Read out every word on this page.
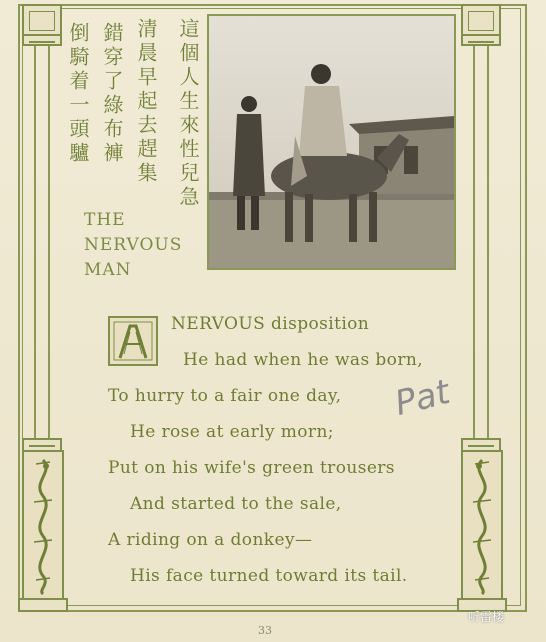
這個人生來性兒急
清晨早起去趕集
錯穿了綠布褲
倒騎着一頭驢
THE
NERVOUS
MAN
NERVOUS disposition
He had when he was born,
To hurry to a fair one day,
He rose at early morn;
Put on his wife's green trousers
And started to the sale,
A riding on a donkey—
His face turned toward its tail.
Pat
33
听雷楼
